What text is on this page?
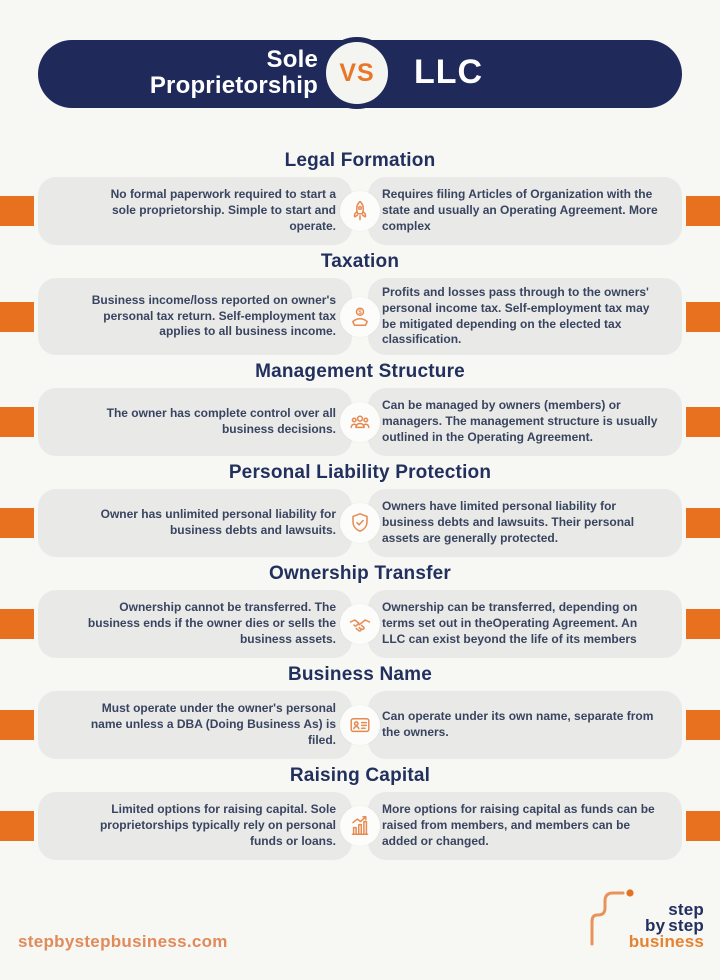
Sole Proprietorship VS LLC
Legal Formation

No formal paperwork required to start a sole proprietorship. Simple to start and operate.

Requires filing Articles of Organization with the state and usually an Operating Agreement. More complex

Taxation

Business income/loss reported on owner's personal tax return. Self-employment tax applies to all business income.

Profits and losses pass through to the owners' personal income tax. Self-employment tax may be mitigated depending on the elected tax classification.

$
Management Structure

The owner has complete control over all business decisions.

Can be managed by owners (members) or managers. The management structure is usually outlined in the Operating Agreement.

Personal Liability Protection

Owner has unlimited personal liability for business debts and lawsuits.

Owners have limited personal liability for business debts and lawsuits. Their personal assets are generally protected.

Ownership Transfer

Ownership cannot be transferred. The business ends if the owner dies or sells the business assets.

Ownership can be transferred, depending on terms set out in theOperating Agreement. An LLC can exist beyond the life of its members

Business Name

Must operate under the owner's personal name unless a DBA (Doing Business As) is filed.

Can operate under its own name, separate from the owners.

Raising Capital

Limited options for raising capital. Sole proprietorships typically rely on personal funds or loans.

More options for raising capital as funds can be raised from members, and members can be added or changed.

stepbystepbusiness.com
step
by step
business
